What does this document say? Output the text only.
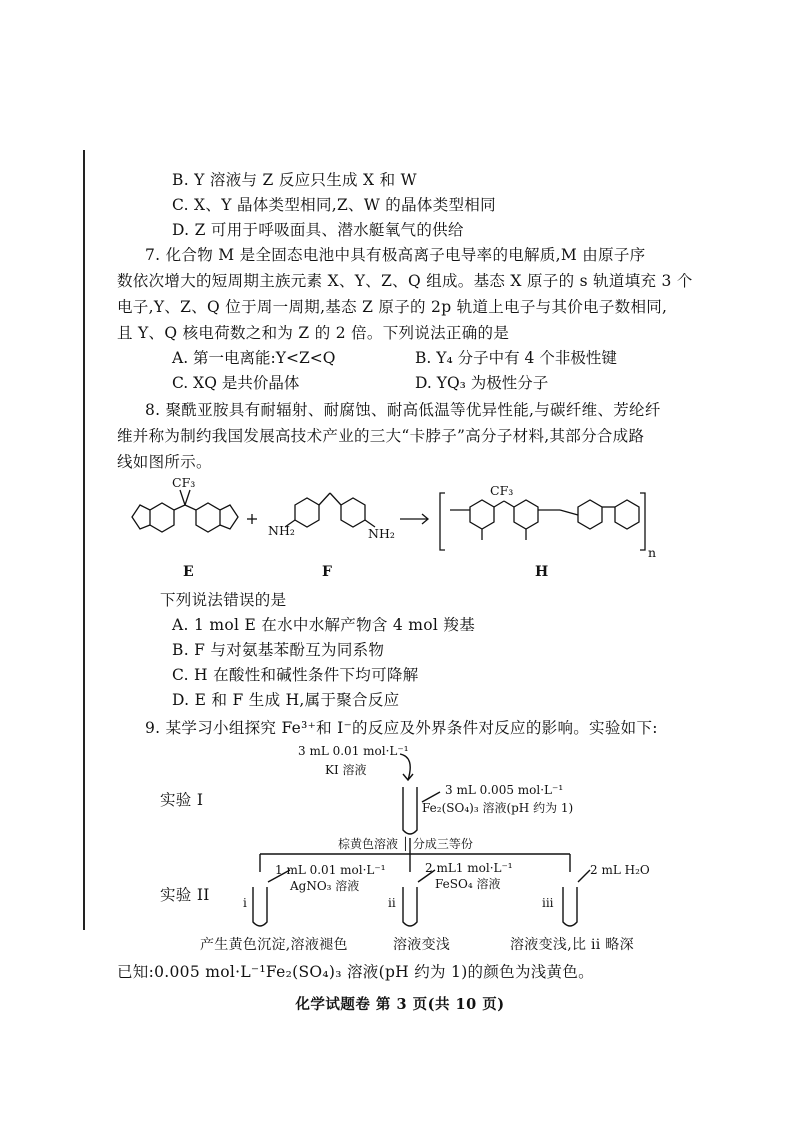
B. Y 溶液与 Z 反应只生成 X 和 W
C. X、Y 晶体类型相同,Z、W 的晶体类型相同
D. Z 可用于呼吸面具、潜水艇氧气的供给
7. 化合物 M 是全固态电池中具有极高离子电导率的电解质,M 由原子序
数依次增大的短周期主族元素 X、Y、Z、Q 组成。基态 X 原子的 s 轨道填充 3 个
电子,Y、Z、Q 位于周一周期,基态 Z 原子的 2p 轨道上电子与其价电子数相同,
且 Y、Q 核电荷数之和为 Z 的 2 倍。下列说法正确的是
A. 第一电离能:Y<Z<Q	B. Y₄ 分子中有 4 个非极性键
C. XQ 是共价晶体	D. YQ₃ 为极性分子
8. 聚酰亚胺具有耐辐射、耐腐蚀、耐高低温等优异性能,与碳纤维、芳纶纤
维并称为制约我国发展高技术产业的三大“卡脖子”高分子材料,其部分合成路
线如图所示。
CF₃
NH₂	NH₂
CF₃
n
E	F	H
下列说法错误的是
A. 1 mol E 在水中水解产物含 4 mol 羧基
B. F 与对氨基苯酚互为同系物
C. H 在酸性和碱性条件下均可降解
D. E 和 F 生成 H,属于聚合反应
9. 某学习小组探究 Fe³⁺和 I⁻的反应及外界条件对反应的影响。实验如下:
3 mL 0.01 mol·L⁻¹
KI 溶液
3 mL 0.005 mol·L⁻¹
Fe₂(SO₄)₃ 溶液(pH 约为 1)
棕黄色溶液 │ 分成三等份
1 mL 0.01 mol·L⁻¹
AgNO₃ 溶液
2 mL1 mol·L⁻¹
FeSO₄ 溶液
2 mL H₂O
i	ii	iii
实验 I
实验 II
产生黄色沉淀,溶液褪色	溶液变浅	溶液变浅,比 ii 略深
已知:0.005 mol·L⁻¹Fe₂(SO₄)₃ 溶液(pH 约为 1)的颜色为浅黄色。
化学试题卷 第 3 页(共 10 页)
